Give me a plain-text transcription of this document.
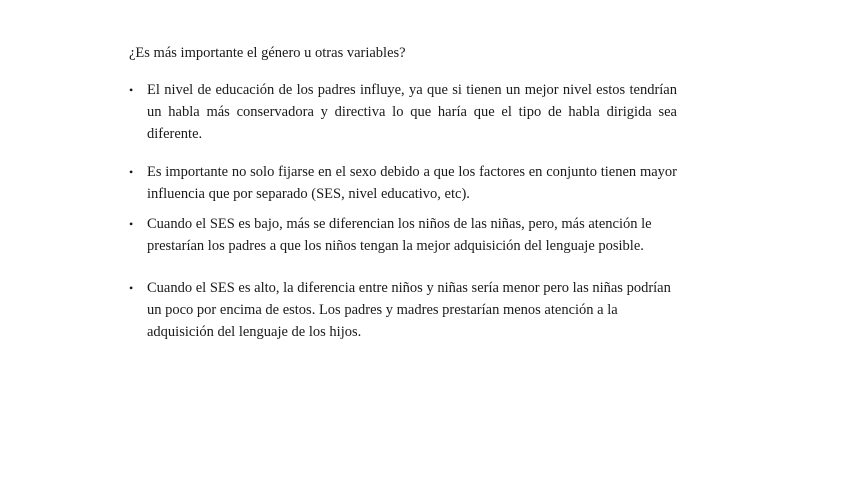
¿Es más importante el género u otras variables?
• El nivel de educación de los padres influye, ya que si tienen un mejor nivel estos tendrían un habla más conservadora y directiva lo que haría que el tipo de habla dirigida sea diferente.
• Es importante no solo fijarse en el sexo debido a que los factores en conjunto tienen mayor influencia que por separado (SES, nivel educativo, etc).
• Cuando el SES es bajo, más se diferencian los niños de las niñas, pero, más atención le prestarían los padres a que los niños tengan la mejor adquisición del lenguaje posible.
• Cuando el SES es alto, la diferencia entre niños y niñas sería menor pero las niñas podrían un poco por encima de estos. Los padres y madres prestarían menos atención a la adquisición del lenguaje de los hijos.
